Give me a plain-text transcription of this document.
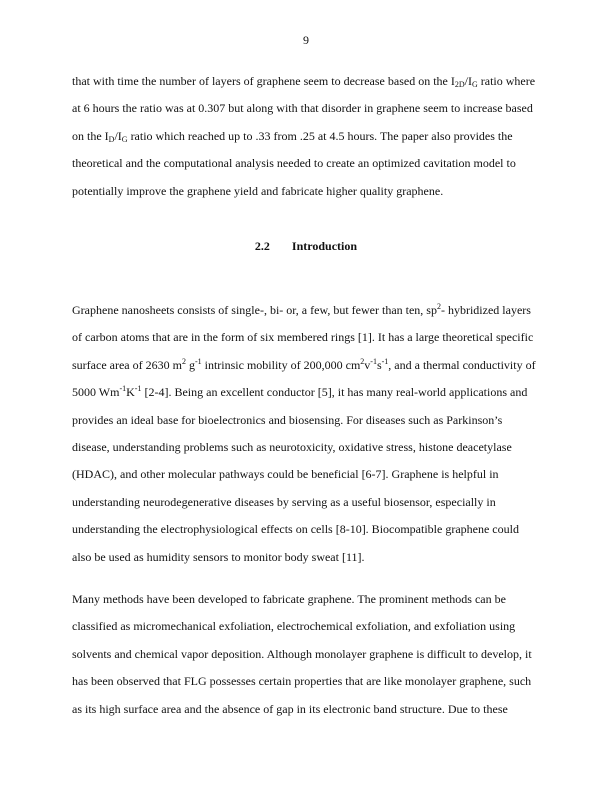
9
that with time the number of layers of graphene seem to decrease based on the $I_{2D}/I_G$ ratio where
at 6 hours the ratio was at 0.307 but along with that disorder in graphene seem to increase based
on the $I_D/I_G$ ratio which reached up to .33 from .25 at 4.5 hours. The paper also provides the
theoretical and the computational analysis needed to create an optimized cavitation model to
potentially improve the graphene yield and fabricate higher quality graphene.
2.2 Introduction
Graphene nanosheets consists of single-, bi- or, a few, but fewer than ten, $sp^2-$ hybridized layers
of carbon atoms that are in the form of six membered rings [1]. It has a large theoretical specific
surface area of 2630 $m^2$ $g^{-1}$ intrinsic mobility of 200,000 $cm^2v^{-1}s^{-1}$, and a thermal conductivity of
5000 $Wm^{-1}K^{-1}$ [2-4]. Being an excellent conductor [5], it has many real-world applications and
provides an ideal base for bioelectronics and biosensing. For diseases such as Parkinson’s
disease, understanding problems such as neurotoxicity, oxidative stress, histone deacetylase
(HDAC), and other molecular pathways could be beneficial [6-7]. Graphene is helpful in
understanding neurodegenerative diseases by serving as a useful biosensor, especially in
understanding the electrophysiological effects on cells [8-10]. Biocompatible graphene could
also be used as humidity sensors to monitor body sweat [11].
Many methods have been developed to fabricate graphene. The prominent methods can be
classified as micromechanical exfoliation, electrochemical exfoliation, and exfoliation using
solvents and chemical vapor deposition. Although monolayer graphene is difficult to develop, it
has been observed that FLG possesses certain properties that are like monolayer graphene, such
as its high surface area and the absence of gap in its electronic band structure. Due to these
